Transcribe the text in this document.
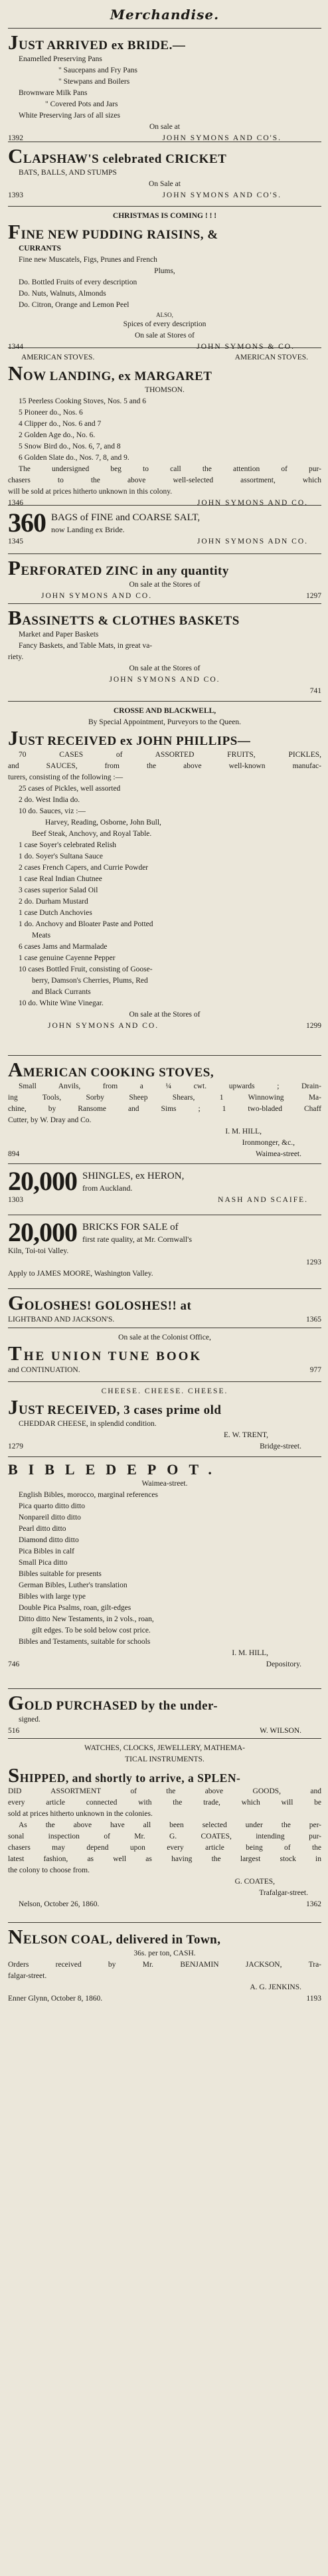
Merchandise.
JUST ARRIVED ex BRIDE.—
Enamelled Preserving Pans
" Saucepans and Fry Pans
" Stewpans and Boilers
Brownware Milk Pans
" Covered Pots and Jars
White Preserving Jars of all sizes
On sale at
1392	JOHN SYMONS AND CO'S.
CLAPSHAW'S celebrated CRICKET
BATS, BALLS, AND STUMPS
On Sale at
1393	JOHN SYMONS AND CO'S.
CHRISTMAS IS COMING ! ! !
FINE NEW PUDDING RAISINS, &
CURRANTS
Fine new Muscatels, Figs, Prunes and French
Plums,
Do. Bottled Fruits of every description
Do. Nuts, Walnuts, Almonds
Do. Citron, Orange and Lemon Peel
ALSO,
Spices of every description
On sale at Stores of
1344	JOHN SYMONS & CO.
AMERICAN STOVES.	AMERICAN STOVES.
NOW LANDING, ex MARGARET
THOMSON.
15 Peerless Cooking Stoves, Nos. 5 and 6
5 Pioneer do., Nos. 6
4 Clipper do., Nos. 6 and 7
2 Golden Age do., No. 6.
5 Snow Bird do., Nos. 6, 7, and 8
6 Golden Slate do., Nos. 7, 8, and 9.
The undersigned beg to call the attention of pur-
chasers to the above well-selected assortment, which
will be sold at prices hitherto unknown in this colony.
1346	JOHN SYMONS AND CO.
360 BAGS of FINE and COARSE SALT,
now Landing ex Bride.
1345	JOHN SYMONS ADN CO.
PERFORATED ZINC in any quantity
On sale at the Stores of
JOHN SYMONS AND CO.	1297
BASSINETTS & CLOTHES BASKETS
Market and Paper Baskets
Fancy Baskets, and Table Mats, in great va-
riety.
On sale at the Stores of
JOHN SYMONS AND CO.
741
CROSSE AND BLACKWELL,
By Special Appointment, Purveyors to the Queen.
JUST RECEIVED ex JOHN PHILLIPS—
70 CASES of ASSORTED FRUITS, PICKLES,
and SAUCES, from the above well-known manufac-
turers, consisting of the following :—
25 cases of Pickles, well assorted
2 do. West India do.
10 do. Sauces, viz :—
Harvey, Reading, Osborne, John Bull,
Beef Steak, Anchovy, and Royal Table.
1 case Soyer's celebrated Relish
1 do. Soyer's Sultana Sauce
2 cases French Capers, and Currie Powder
1 case Real Indian Chutnee
3 cases superior Salad Oil
2 do. Durham Mustard
1 case Dutch Anchovies
1 do. Anchovy and Bloater Paste and Potted
Meats
6 cases Jams and Marmalade
1 case genuine Cayenne Pepper
10 cases Bottled Fruit, consisting of Goose-
berry, Damson's Cherries, Plums, Red
and Black Currants
10 do. White Wine Vinegar.
On sale at the Stores of
JOHN SYMONS AND CO.	1299
AMERICAN COOKING STOVES,
Small Anvils, from a ¼ cwt. upwards ; Drain-
ing Tools, Sorby Sheep Shears, 1 Winnowing Ma-
chine, by Ransome and Sims ; 1 two-bladed Chaff
Cutter, by W. Dray and Co.
I. M. HILL,
Ironmonger, &c.,
894	Waimea-street.
20,000 SHINGLES, ex HERON,
from Auckland.
1303	NASH AND SCAIFE.
20,000 BRICKS FOR SALE of
first rate quality, at Mr. Cornwall's
Kiln, Toi-toi Valley.
1293
Apply to JAMES MOORE, Washington Valley.
GOLOSHES! GOLOSHES!! at
LIGHTBAND AND JACKSON'S.	1365
On sale at the Colonist Office,
THE UNION TUNE BOOK
and CONTINUATION.	977
CHEESE. CHEESE. CHEESE.
JUST RECEIVED, 3 cases prime old
CHEDDAR CHEESE, in splendid condition.
E. W. TRENT,
1279	Bridge-street.
BIBLEDEPOT.
Waimea-street.
English Bibles, morocco, marginal references
Pica quarto ditto ditto
Nonpareil ditto ditto
Pearl ditto ditto
Diamond ditto ditto
Pica Bibles in calf
Small Pica ditto
Bibles suitable for presents
German Bibles, Luther's translation
Bibles with large type
Double Pica Psalms, roan, gilt-edges
Ditto ditto New Testaments, in 2 vols., roan,
gilt edges. To be sold below cost price.
Bibles and Testaments, suitable for schools
I. M. HILL,
746	Depository.
GOLD PURCHASED by the under-
signed.
516	W. WILSON.
WATCHES, CLOCKS, JEWELLERY, MATHEMA-
TICAL INSTRUMENTS.
SHIPPED, and shortly to arrive, a SPLEN-
DID ASSORTMENT of the above GOODS, and
every article connected with the trade, which will be
sold at prices hitherto unknown in the colonies.
As the above have all been selected under the per-
sonal inspection of Mr. G. COATES, intending pur-
chasers may depend upon every article being of the
latest fashion, as well as having the largest stock in
the colony to choose from.
G. COATES,
Trafalgar-street.
Nelson, October 26, 1860.	1362
NELSON COAL, delivered in Town,
36s. per ton, CASH.
Orders received by Mr. BENJAMIN JACKSON, Tra-
falgar-street.
A. G. JENKINS.
Enner Glynn, October 8, 1860.	1193
